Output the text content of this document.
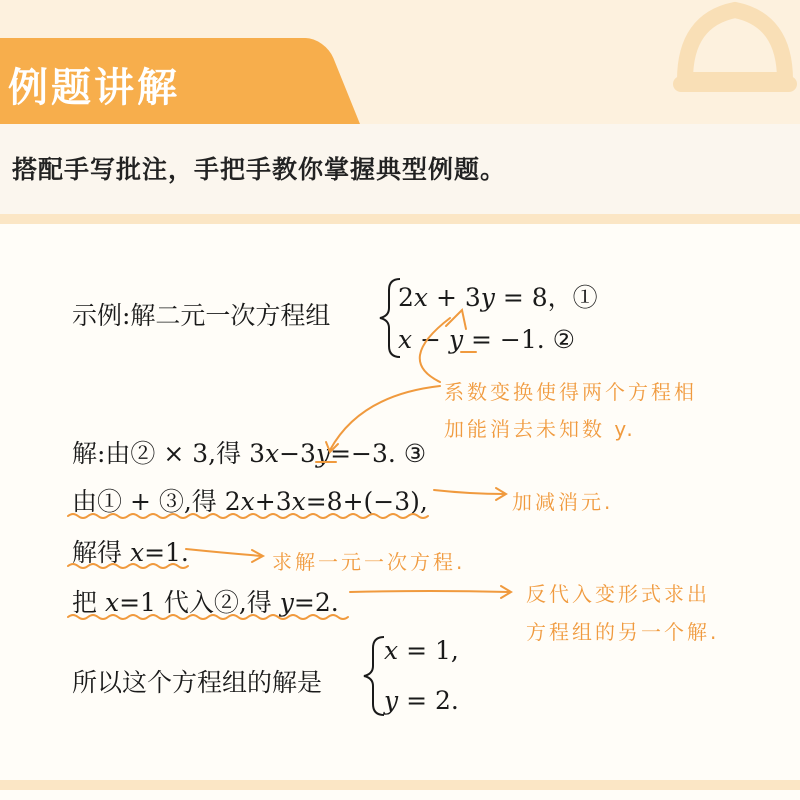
例题讲解
搭配手写批注，手把手教你掌握典型例题。
示例:解二元一次方程组
2x + 3y = 8，①
x − y = −1. ②
解:由② × 3,得 3x−3y=−3. ③
由① + ③,得 2x+3x=8+(−3),
解得 x=1.
把 x=1 代入②,得 y=2.
所以这个方程组的解是
x = 1,
y = 2.
系数变换使得两个方程相
加能消去未知数 y.
加减消元.
求解一元一次方程.
反代入变形式求出
方程组的另一个解.
